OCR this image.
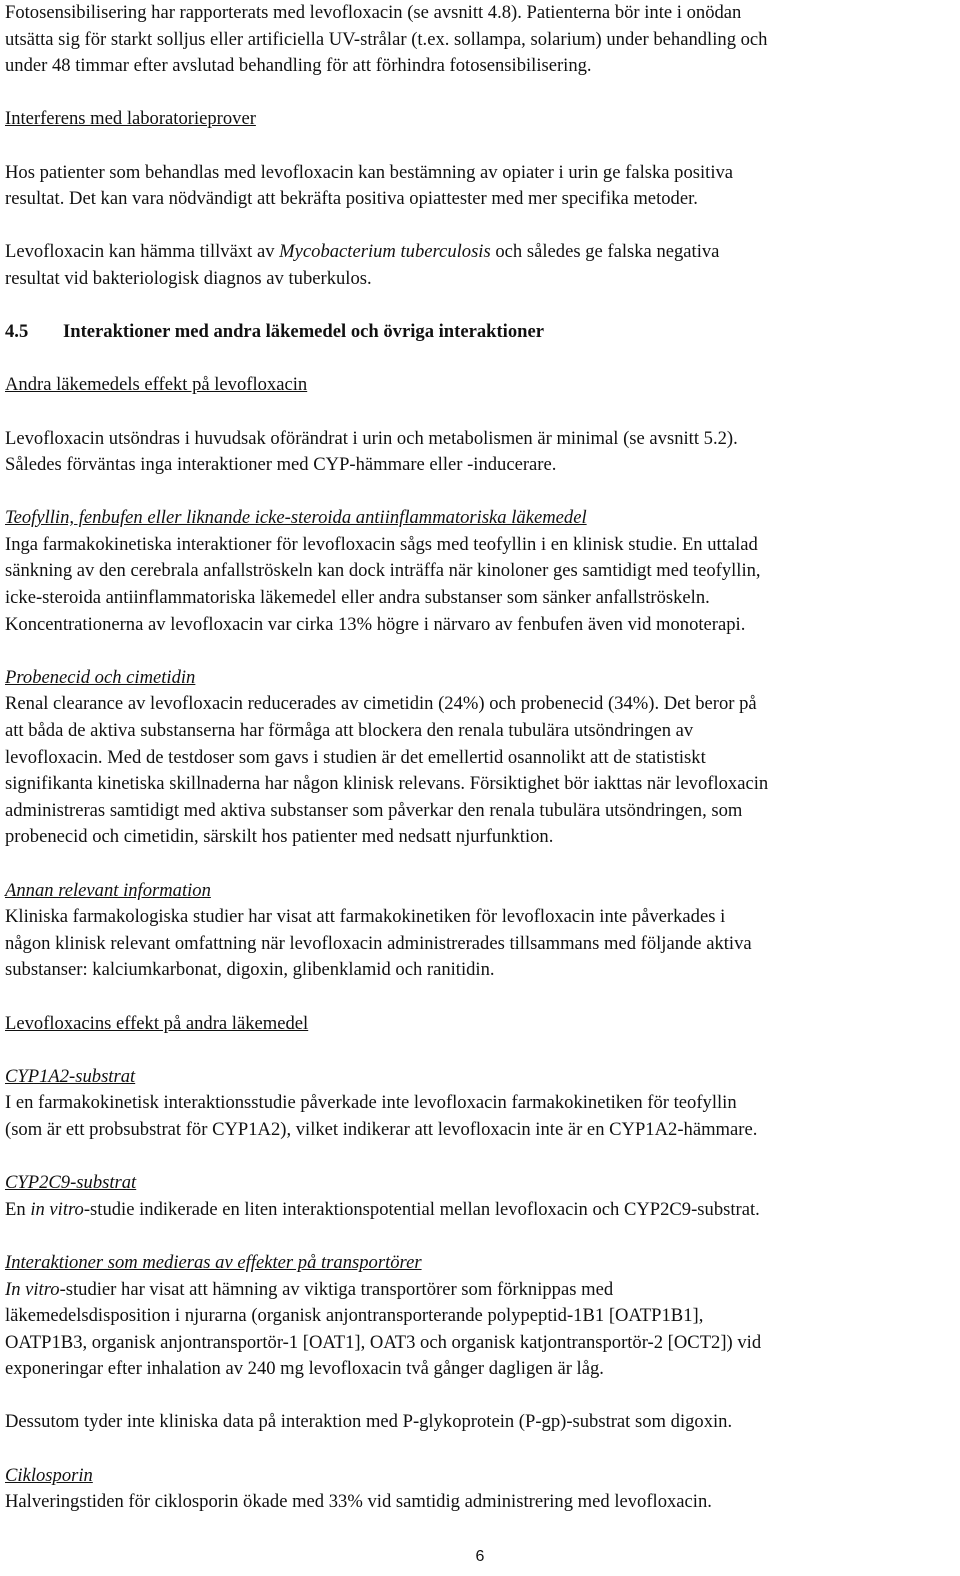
Fotosensibilisering har rapporterats med levofloxacin (se avsnitt 4.8). Patienterna bör inte i onödan

utsätta sig för starkt solljus eller artificiella UV-strålar (t.ex. sollampa, solarium) under behandling och

under 48 timmar efter avslutad behandling för att förhindra fotosensibilisering.

Interferens med laboratorieprover

Hos patienter som behandlas med levofloxacin kan bestämning av opiater i urin ge falska positiva

resultat. Det kan vara nödvändigt att bekräfta positiva opiattester med mer specifika metoder.

Levofloxacin kan hämma tillväxt av Mycobacterium tuberculosis och således ge falska negativa

resultat vid bakteriologisk diagnos av tuberkulos.

4.5 Interaktioner med andra läkemedel och övriga interaktioner

Andra läkemedels effekt på levofloxacin

Levofloxacin utsöndras i huvudsak oförändrat i urin och metabolismen är minimal (se avsnitt 5.2).

Således förväntas inga interaktioner med CYP-hämmare eller -inducerare.

Teofyllin, fenbufen eller liknande icke-steroida antiinflammatoriska läkemedel

Inga farmakokinetiska interaktioner för levofloxacin sågs med teofyllin i en klinisk studie. En uttalad

sänkning av den cerebrala anfallströskeln kan dock inträffa när kinoloner ges samtidigt med teofyllin,

icke-steroida antiinflammatoriska läkemedel eller andra substanser som sänker anfallströskeln.

Koncentrationerna av levofloxacin var cirka 13% högre i närvaro av fenbufen även vid monoterapi.

Probenecid och cimetidin

Renal clearance av levofloxacin reducerades av cimetidin (24%) och probenecid (34%). Det beror på

att båda de aktiva substanserna har förmåga att blockera den renala tubulära utsöndringen av

levofloxacin. Med de testdoser som gavs i studien är det emellertid osannolikt att de statistiskt

signifikanta kinetiska skillnaderna har någon klinisk relevans. Försiktighet bör iakttas när levofloxacin

administreras samtidigt med aktiva substanser som påverkar den renala tubulära utsöndringen, som

probenecid och cimetidin, särskilt hos patienter med nedsatt njurfunktion.

Annan relevant information

Kliniska farmakologiska studier har visat att farmakokinetiken för levofloxacin inte påverkades i

någon klinisk relevant omfattning när levofloxacin administrerades tillsammans med följande aktiva

substanser: kalciumkarbonat, digoxin, glibenklamid och ranitidin.

Levofloxacins effekt på andra läkemedel

CYP1A2-substrat

I en farmakokinetisk interaktionsstudie påverkade inte levofloxacin farmakokinetiken för teofyllin

(som är ett probsubstrat för CYP1A2), vilket indikerar att levofloxacin inte är en CYP1A2-hämmare.

CYP2C9-substrat

En in vitro-studie indikerade en liten interaktionspotential mellan levofloxacin och CYP2C9-substrat.

Interaktioner som medieras av effekter på transportörer

In vitro-studier har visat att hämning av viktiga transportörer som förknippas med

läkemedelsdisposition i njurarna (organisk anjontransporterande polypeptid-1B1 [OATP1B1],

OATP1B3, organisk anjontransportör-1 [OAT1], OAT3 och organisk katjontransportör-2 [OCT2]) vid

exponeringar efter inhalation av 240 mg levofloxacin två gånger dagligen är låg.

Dessutom tyder inte kliniska data på interaktion med P-glykoprotein (P-gp)-substrat som digoxin.

Ciklosporin

Halveringstiden för ciklosporin ökade med 33% vid samtidig administrering med levofloxacin.

6
